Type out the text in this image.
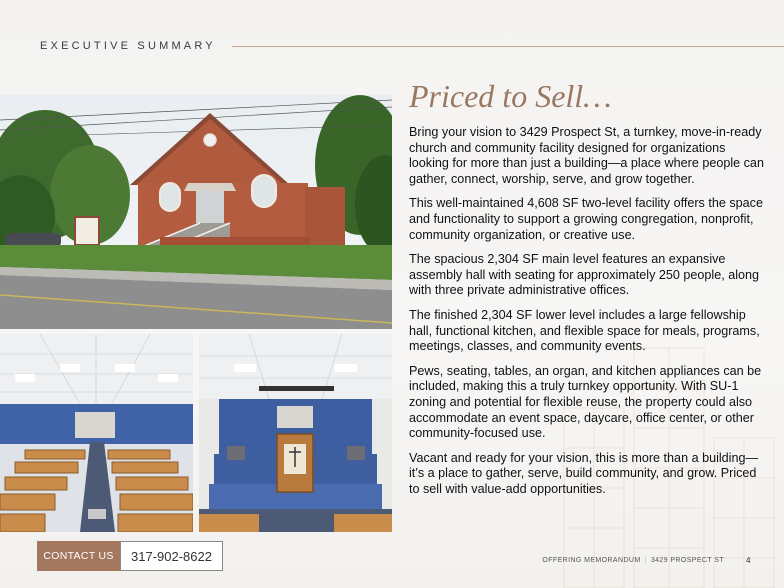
EXECUTIVE SUMMARY
Priced to Sell…

Bring your vision to 3429 Prospect St, a turnkey, move-in-ready church and community facility designed for organizations looking for more than just a building—a place where people can gather, connect, worship, serve, and grow together.

This well-maintained 4,608 SF two-level facility offers the space and functionality to support a growing congregation, nonprofit, community organization, or creative use.

The spacious 2,304 SF main level features an expansive assembly hall with seating for approximately 250 people, along with three private administrative offices.

The finished 2,304 SF lower level includes a large fellowship hall, functional kitchen, and flexible space for meals, programs, meetings, classes, and community events.

Pews, seating, tables, an organ, and kitchen appliances can be included, making this a truly turnkey opportunity. With SU-1 zoning and potential for flexible reuse, the property could also accommodate an event space, daycare, office center, or other community-focused use.

Vacant and ready for your vision, this is more than a building—it’s a place to gather, serve, build community, and grow. Priced to sell with value-add opportunities.

CONTACT US	317-902-8622	OFFERING MEMORANDUM | 3429 PROSPECT ST	4
